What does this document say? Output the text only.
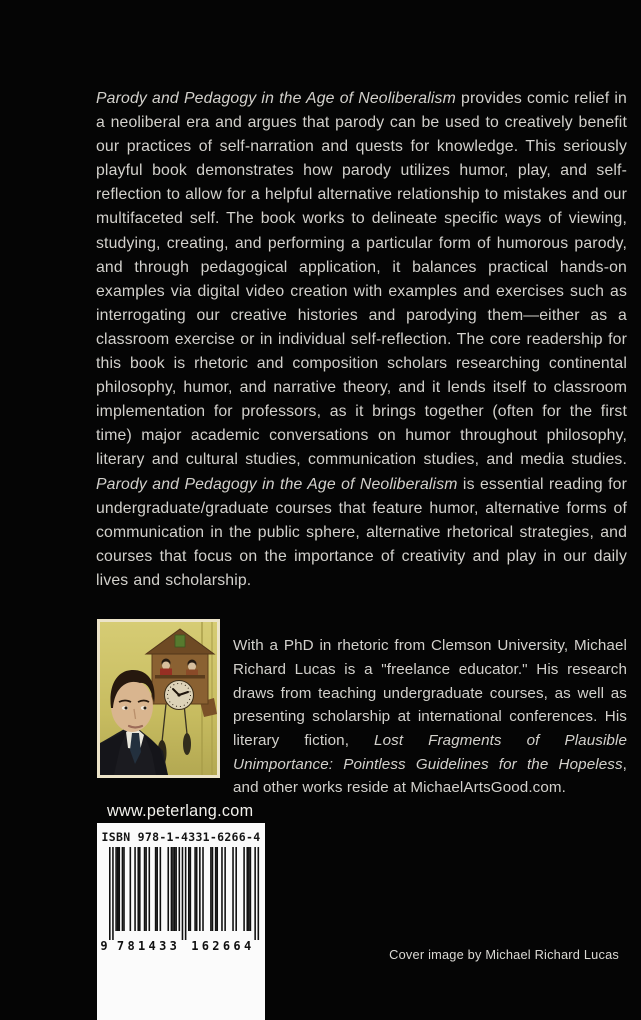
Parody and Pedagogy in the Age of Neoliberalism provides comic relief in a neoliberal era and argues that parody can be used to creatively benefit our practices of self-narration and quests for knowledge. This seriously playful book demonstrates how parody utilizes humor, play, and self-reflection to allow for a helpful alternative relationship to mistakes and our multifaceted self. The book works to delineate specific ways of viewing, studying, creating, and performing a particular form of humorous parody, and through pedagogical application, it balances practical hands-on examples via digital video creation with examples and exercises such as interrogating our creative histories and parodying them—either as a classroom exercise or in individual self-reflection. The core readership for this book is rhetoric and composition scholars researching continental philosophy, humor, and narrative theory, and it lends itself to classroom implementation for professors, as it brings together (often for the first time) major academic conversations on humor throughout philosophy, literary and cultural studies, communication studies, and media studies. Parody and Pedagogy in the Age of Neoliberalism is essential reading for undergraduate/graduate courses that feature humor, alternative forms of communication in the public sphere, alternative rhetorical strategies, and courses that focus on the importance of creativity and play in our daily lives and scholarship.

With a PhD in rhetoric from Clemson University, Michael Richard Lucas is a "freelance educator." His research draws from teaching undergraduate courses, as well as presenting scholarship at international conferences. His literary fiction, Lost Fragments of Plausible Unimportance: Pointless Guidelines for the Hopeless, and other works reside at MichaelArtsGood.com.

www.peterlang.com
ISBN 978-1-4331-6266-4
9 781433 162664
Cover image by Michael Richard Lucas
